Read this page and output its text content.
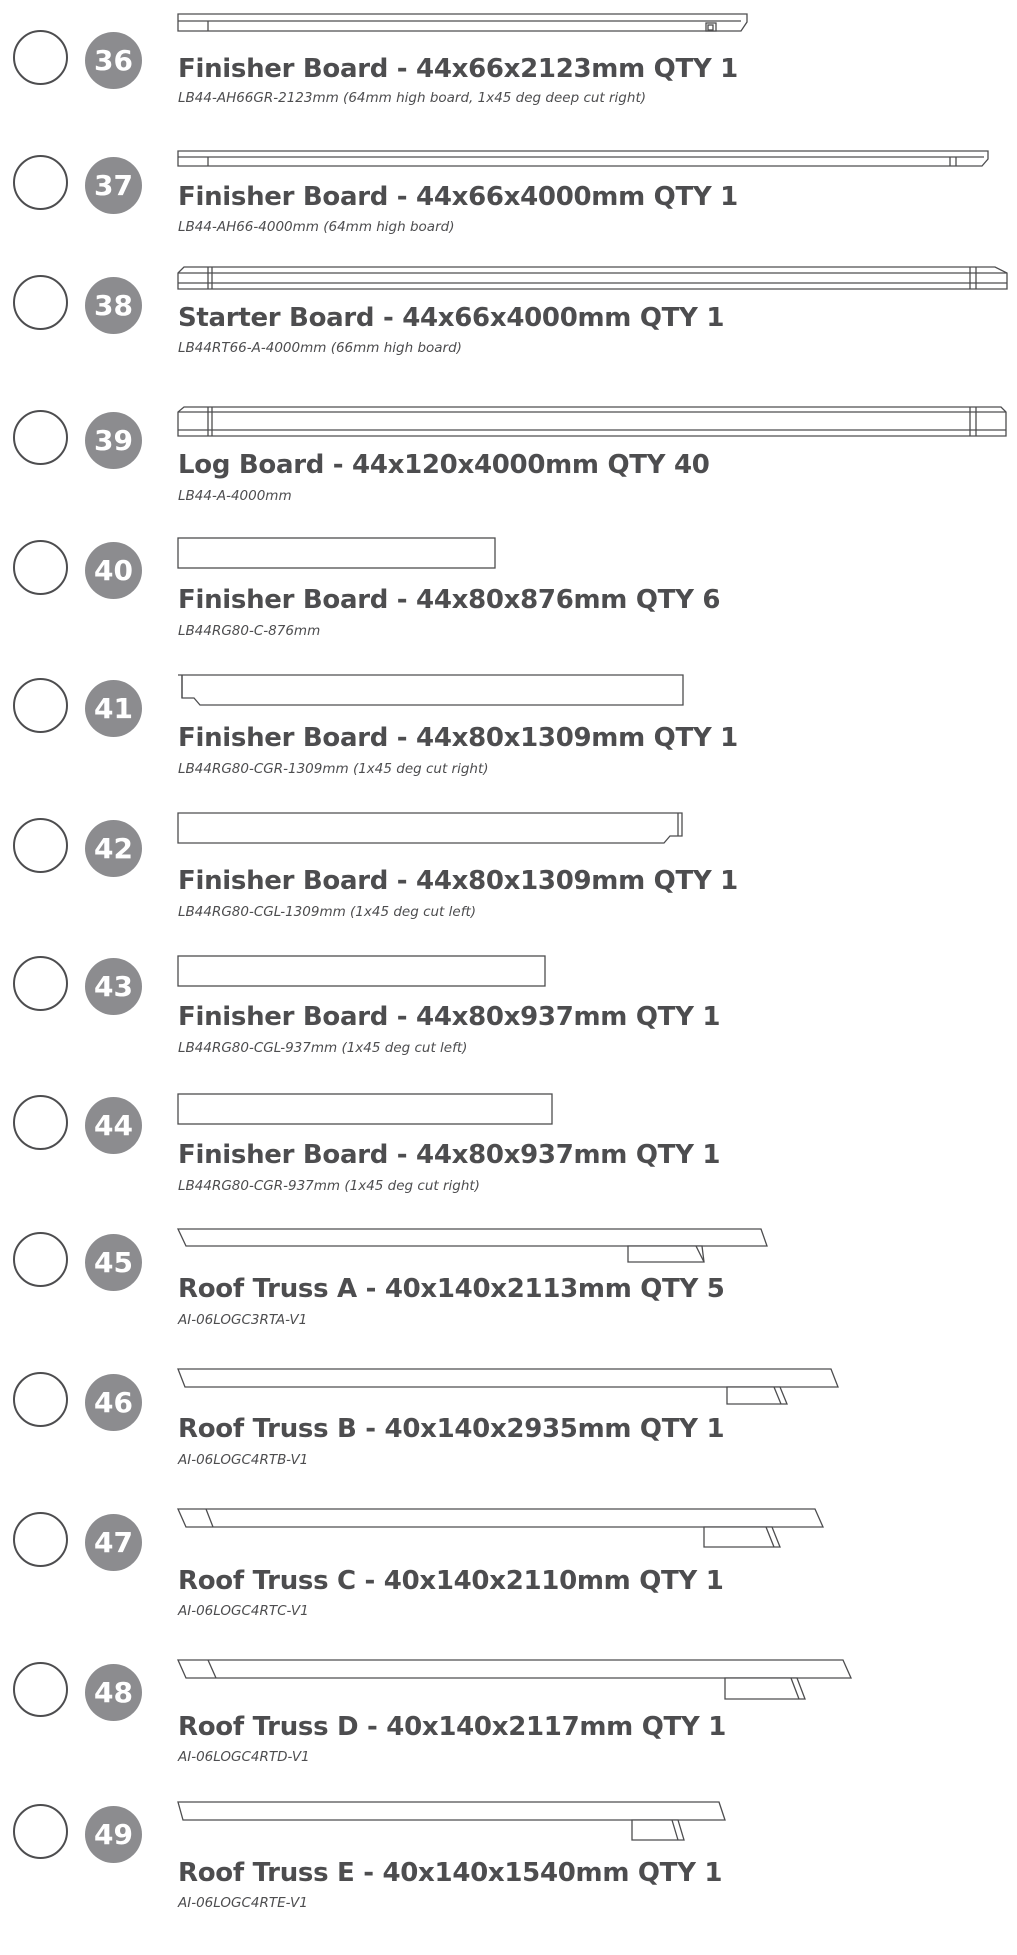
36	Finisher Board - 44x66x2123mm QTY 1

LB44-AH66GR-2123mm (64mm high board, 1x45 deg deep cut right)

37	Finisher Board - 44x66x4000mm QTY 1

LB44-AH66-4000mm (64mm high board)

38	Starter Board - 44x66x4000mm QTY 1

LB44RT66-A-4000mm (66mm high board)

39

Log Board - 44x120x4000mm QTY 40

LB44-A-4000mm

40

Finisher Board - 44x80x876mm QTY 6

LB44RG80-C-876mm

41

Finisher Board - 44x80x1309mm QTY 1

LB44RG80-CGR-1309mm (1x45 deg cut right)

42

Finisher Board - 44x80x1309mm QTY 1

LB44RG80-CGL-1309mm (1x45 deg cut left)

43

Finisher Board - 44x80x937mm QTY 1

LB44RG80-CGL-937mm (1x45 deg cut left)

44

Finisher Board - 44x80x937mm QTY 1

LB44RG80-CGR-937mm (1x45 deg cut right)

45

Roof Truss A - 40x140x2113mm QTY 5

AI-06LOGC3RTA-V1

46

Roof Truss B - 40x140x2935mm QTY 1

AI-06LOGC4RTB-V1

47

Roof Truss C - 40x140x2110mm QTY 1

AI-06LOGC4RTC-V1

48

Roof Truss D - 40x140x2117mm QTY 1

AI-06LOGC4RTD-V1

49

Roof Truss E - 40x140x1540mm QTY 1

AI-06LOGC4RTE-V1
